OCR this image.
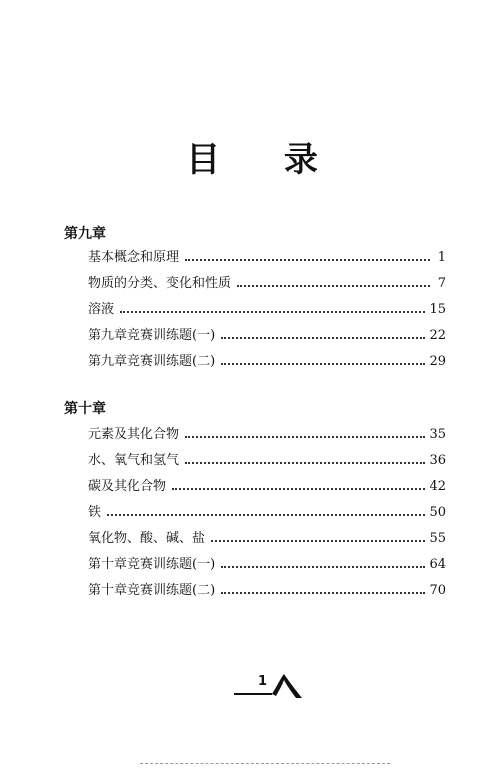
目 录
第九章
基本概念和原理	1
物质的分类、变化和性质	7
溶液	15
第九章竞赛训练题(一)	22
第九章竞赛训练题(二)	29
第十章
元素及其化合物	35
水、氧气和氢气	36
碳及其化合物	42
铁	50
氧化物、酸、碱、盐	55
第十章竞赛训练题(一)	64
第十章竞赛训练题(二)	70
1
